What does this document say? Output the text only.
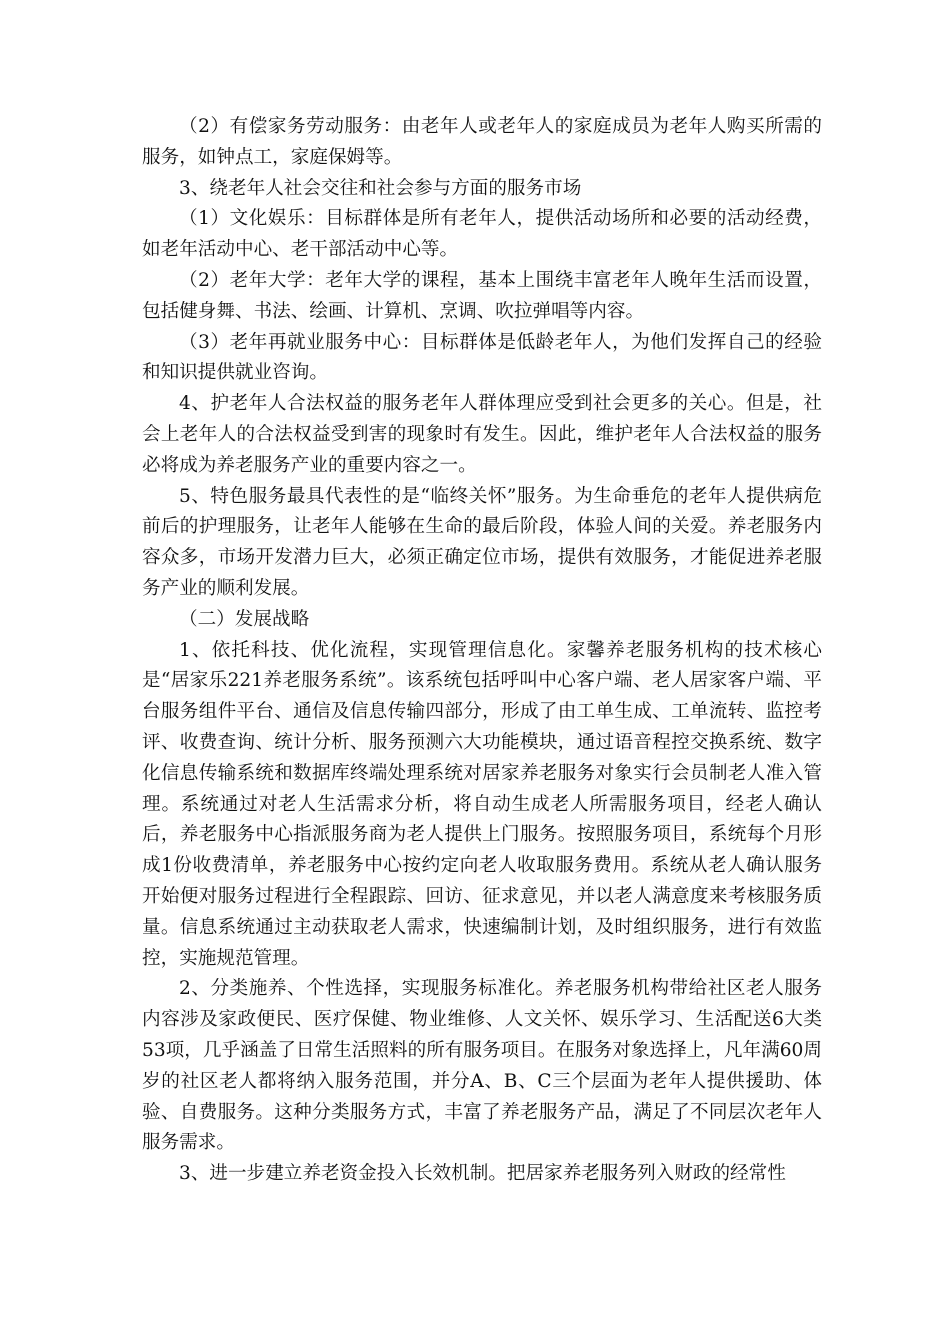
（2）有偿家务劳动服务：由老年人或老年人的家庭成员为老年人购买所需的服务，如钟点工，家庭保姆等。

3、绕老年人社会交往和社会参与方面的服务市场

（1）文化娱乐：目标群体是所有老年人，提供活动场所和必要的活动经费，如老年活动中心、老干部活动中心等。

（2）老年大学：老年大学的课程，基本上围绕丰富老年人晚年生活而设置，包括健身舞、书法、绘画、计算机、烹调、吹拉弹唱等内容。

（3）老年再就业服务中心：目标群体是低龄老年人，为他们发挥自己的经验和知识提供就业咨询。

4、护老年人合法权益的服务老年人群体理应受到社会更多的关心。但是，社会上老年人的合法权益受到害的现象时有发生。因此，维护老年人合法权益的服务必将成为养老服务产业的重要内容之一。

5、特色服务最具代表性的是“临终关怀”服务。为生命垂危的老年人提供病危前后的护理服务，让老年人能够在生命的最后阶段，体验人间的关爱。养老服务内容众多，市场开发潜力巨大，必须正确定位市场，提供有效服务，才能促进养老服务产业的顺利发展。

（二）发展战略

1、依托科技、优化流程，实现管理信息化。家馨养老服务机构的技术核心是“居家乐221养老服务系统”。该系统包括呼叫中心客户端、老人居家客户端、平台服务组件平台、通信及信息传输四部分，形成了由工单生成、工单流转、监控考评、收费查询、统计分析、服务预测六大功能模块，通过语音程控交换系统、数字化信息传输系统和数据库终端处理系统对居家养老服务对象实行会员制老人准入管理。系统通过对老人生活需求分析，将自动生成老人所需服务项目，经老人确认后，养老服务中心指派服务商为老人提供上门服务。按照服务项目，系统每个月形成1份收费清单，养老服务中心按约定向老人收取服务费用。系统从老人确认服务开始便对服务过程进行全程跟踪、回访、征求意见，并以老人满意度来考核服务质量。信息系统通过主动获取老人需求，快速编制计划，及时组织服务，进行有效监控，实施规范管理。

2、分类施养、个性选择，实现服务标准化。养老服务机构带给社区老人服务内容涉及家政便民、医疗保健、物业维修、人文关怀、娱乐学习、生活配送6大类53项，几乎涵盖了日常生活照料的所有服务项目。在服务对象选择上，凡年满60周岁的社区老人都将纳入服务范围，并分A、B、C三个层面为老年人提供援助、体验、自费服务。这种分类服务方式，丰富了养老服务产品，满足了不同层次老年人服务需求。

3、进一步建立养老资金投入长效机制。把居家养老服务列入财政的经常性
